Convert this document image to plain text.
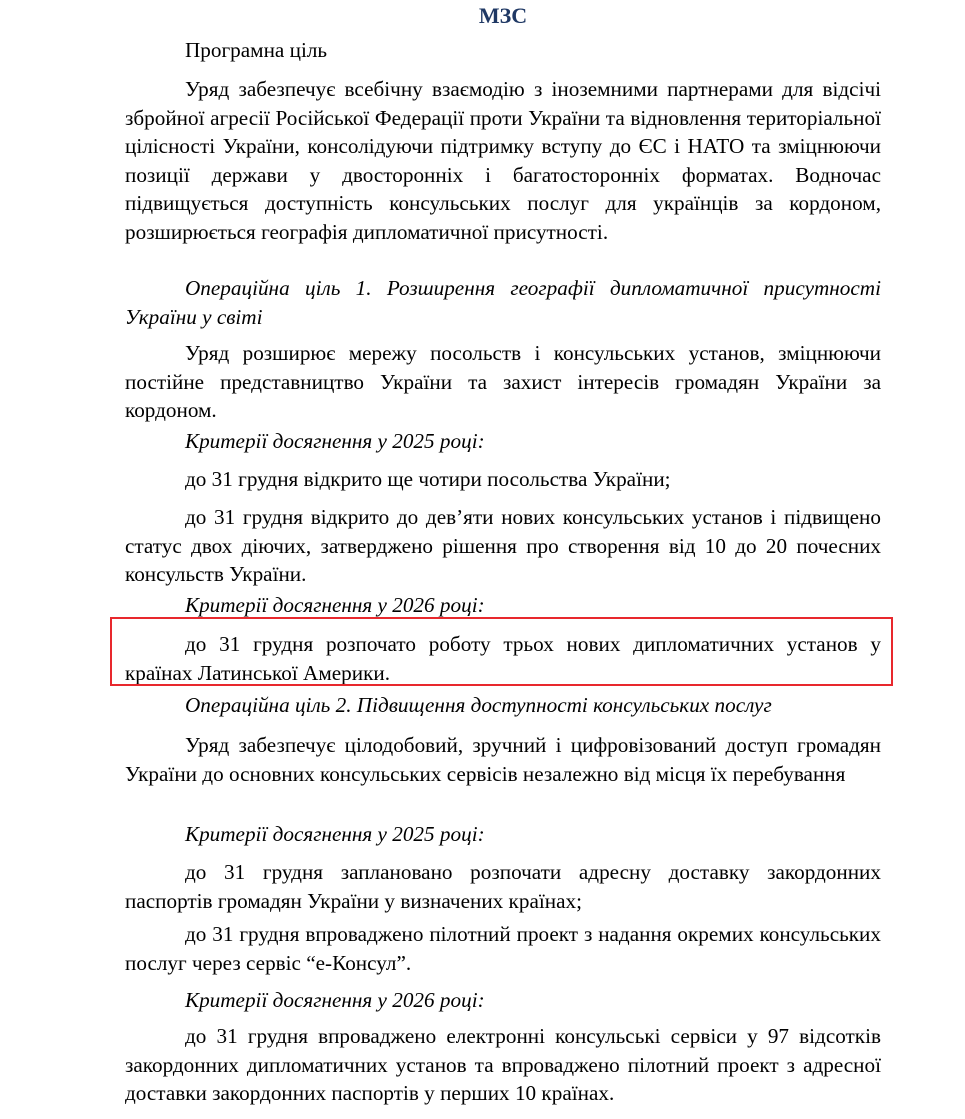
МЗС

Програмна ціль

Уряд забезпечує всебічну взаємодію з іноземними партнерами для відсічі збройної агресії Російської Федерації проти України та відновлення територіальної цілісності України, консолідуючи підтримку вступу до ЄС і НАТО та зміцнюючи позиції держави у двосторонніх і багатосторонніх форматах. Водночас підвищується доступність консульських послуг для українців за кордоном, розширюється географія дипломатичної присутності.

Операційна ціль 1. Розширення географії дипломатичної присутності України у світі

Уряд розширює мережу посольств і консульських установ, зміцнюючи постійне представництво України та захист інтересів громадян України за кордоном.

Критерії досягнення у 2025 році:

до 31 грудня відкрито ще чотири посольства України;

до 31 грудня відкрито до дев’яти нових консульських установ і підвищено статус двох діючих, затверджено рішення про створення від 10 до 20 почесних консульств України.

Критерії досягнення у 2026 році:

до 31 грудня розпочато роботу трьох нових дипломатичних установ у країнах Латинської Америки.

Операційна ціль 2. Підвищення доступності консульських послуг

Уряд забезпечує цілодобовий, зручний і цифровізований доступ громадян України до основних консульських сервісів незалежно від місця їх перебування

Критерії досягнення у 2025 році:

до 31 грудня заплановано розпочати адресну доставку закордонних паспортів громадян України у визначених країнах;

до 31 грудня впроваджено пілотний проект з надання окремих консульських послуг через сервіс “е-Консул”.

Критерії досягнення у 2026 році:

до 31 грудня впроваджено електронні консульські сервіси у 97 відсотків закордонних дипломатичних установ та впроваджено пілотний проект з адресної доставки закордонних паспортів у перших 10 країнах.
